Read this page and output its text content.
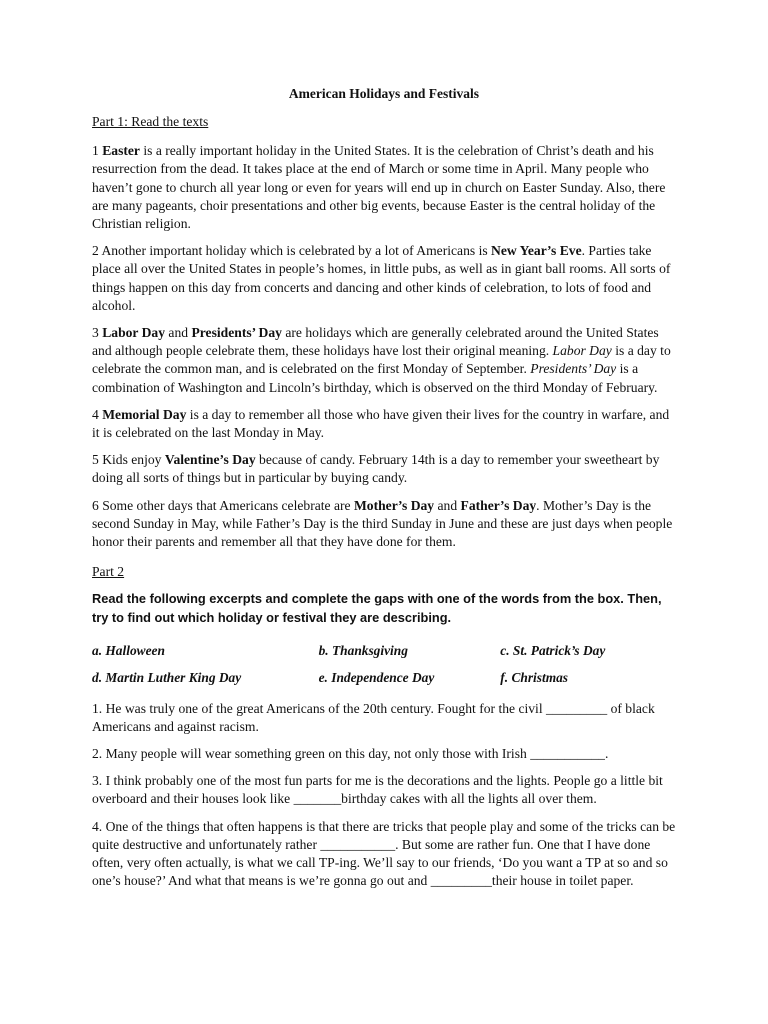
American Holidays and Festivals
Part 1: Read the texts
1 Easter is a really important holiday in the United States. It is the celebration of Christ’s death and his resurrection from the dead. It takes place at the end of March or some time in April. Many people who haven’t gone to church all year long or even for years will end up in church on Easter Sunday. Also, there are many pageants, choir presentations and other big events, because Easter is the central holiday of the Christian religion.
2 Another important holiday which is celebrated by a lot of Americans is New Year’s Eve. Parties take place all over the United States in people’s homes, in little pubs, as well as in giant ball rooms. All sorts of things happen on this day from concerts and dancing and other kinds of celebration, to lots of food and alcohol.
3 Labor Day and Presidents’ Day are holidays which are generally celebrated around the United States and although people celebrate them, these holidays have lost their original meaning. Labor Day is a day to celebrate the common man, and is celebrated on the first Monday of September. Presidents’ Day is a combination of Washington and Lincoln’s birthday, which is observed on the third Monday of February.
4 Memorial Day is a day to remember all those who have given their lives for the country in warfare, and it is celebrated on the last Monday in May.
5 Kids enjoy Valentine’s Day because of candy. February 14th is a day to remember your sweetheart by doing all sorts of things but in particular by buying candy.
6 Some other days that Americans celebrate are Mother’s Day and Father’s Day. Mother’s Day is the second Sunday in May, while Father’s Day is the third Sunday in June and these are just days when people honor their parents and remember all that they have done for them.
Part 2
Read the following excerpts and complete the gaps with one of the words from the box. Then, try to find out which holiday or festival they are describing.
a. Halloween	b. Thanksgiving	c. St. Patrick’s Day
d. Martin Luther King Day	e. Independence Day	f. Christmas
1. He was truly one of the great Americans of the 20th century. Fought for the civil _________ of black Americans and against racism.
2. Many people will wear something green on this day, not only those with Irish ___________.
3. I think probably one of the most fun parts for me is the decorations and the lights. People go a little bit overboard and their houses look like _______birthday cakes with all the lights all over them.
4. One of the things that often happens is that there are tricks that people play and some of the tricks can be quite destructive and unfortunately rather ___________. But some are rather fun. One that I have done often, very often actually, is what we call TP-ing. We’ll say to our friends, ‘Do you want a TP at so and so one’s house?’ And what that means is we’re gonna go out and _________their house in toilet paper.
